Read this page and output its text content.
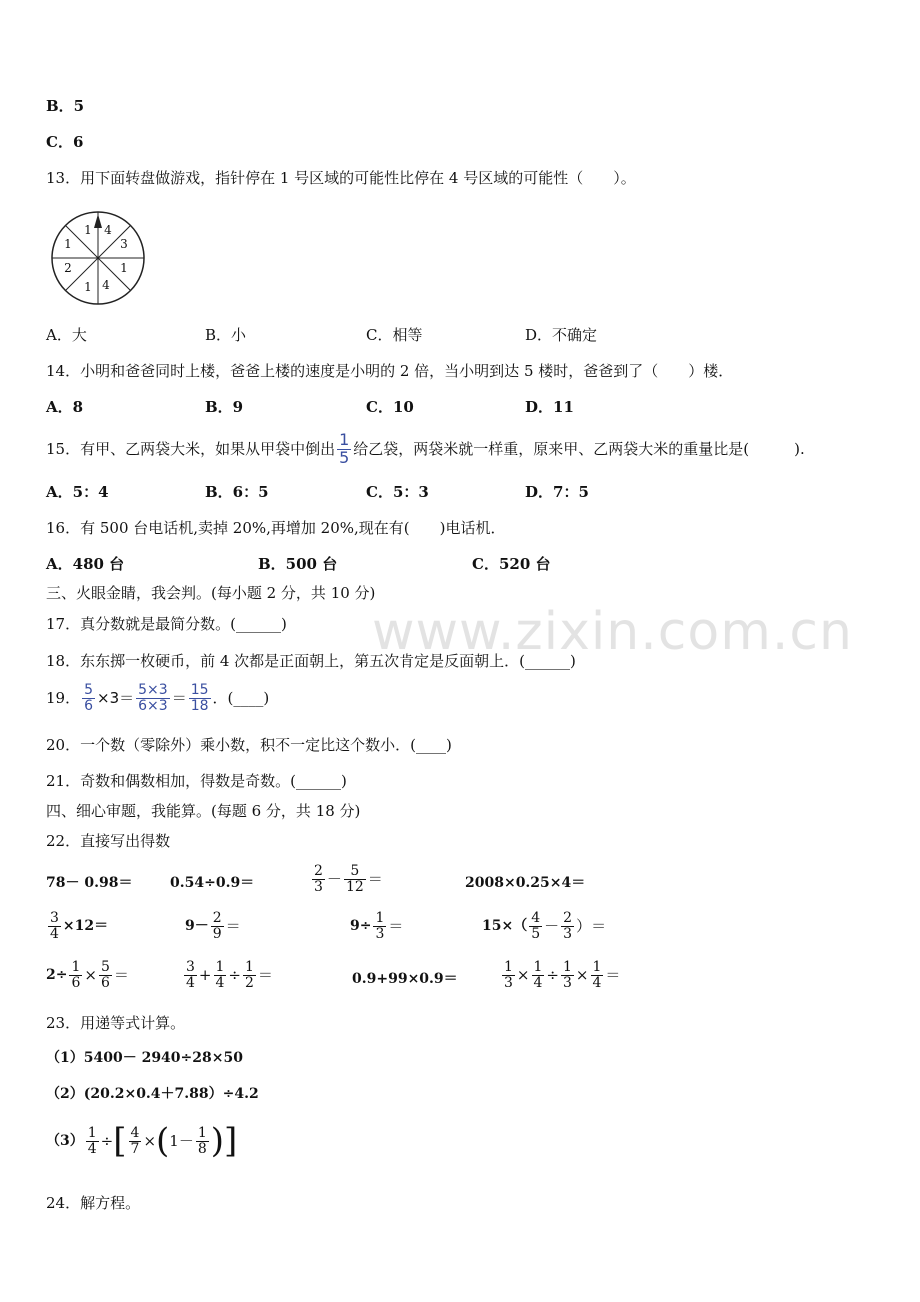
www.zixin.com.cn
B．5
C．6
13．用下面转盘做游戏，指针停在 1 号区域的可能性比停在 4 号区域的可能性（　　）。
1 4
3
1
4
1
2
1
A．大	B．小	C．相等	D．不确定
14．小明和爸爸同时上楼，爸爸上楼的速度是小明的 2 倍，当小明到达 5 楼时，爸爸到了（　　）楼．
A．8	B．9	C．10	D．11
15．有甲、乙两袋大米，如果从甲袋中倒出 $\frac{1}{5}$ 给乙袋，两袋米就一样重，原来甲、乙两袋大米的重量比是(　　　).
A．5：4	B．6：5	C．5：3	D．7：5
16．有 500 台电话机,卖掉 20%,再增加 20%,现在有(　　)电话机．
A．480 台	B．500 台	C．520 台
三、火眼金睛，我会判。(每小题 2 分，共 10 分)
17．真分数就是最简分数。(______)
18．东东掷一枚硬币，前 4 次都是正面朝上，第五次肯定是反面朝上．(______)
19． $\frac{5}{6} \times 3= \frac{5\times 3}{6\times 3} = \frac{15}{18}$ ．(____)
20．一个数（零除外）乘小数，积不一定比这个数小．(____)
21．奇数和偶数相加，得数是奇数。(______)
四、细心审题，我能算。(每题 6 分，共 18 分)
22．直接写出得数
78－ 0.98＝	0.54÷0.9＝	$\frac{2}{3} - \frac{5}{12}$ ＝	2008×0.25×4＝
$\frac{3}{4} \times 12=$	$9- \frac{2}{9}$ ＝	$9\div \frac{1}{3}$ ＝	$15\times( \frac{4}{5} - \frac{2}{3}$ ）＝
$2\div \frac{1}{6} \times \frac{5}{6}$ ＝	$\frac{3}{4} + \frac{1}{4} \div \frac{1}{2}$ ＝	0.9+99×0.9＝	$\frac{1}{3} \times \frac{1}{4} \div \frac{1}{3} \times \frac{1}{4}$ ＝
23．用递等式计算。
（1）5400－ 2940÷28×50
（2）(20.2×0.4＋7.88）÷4.2
$(3) \frac{1}{4}$ ÷ [ $\frac{4}{7}$ × ( $1- \frac{1}{8}$ ) ]
24．解方程。
